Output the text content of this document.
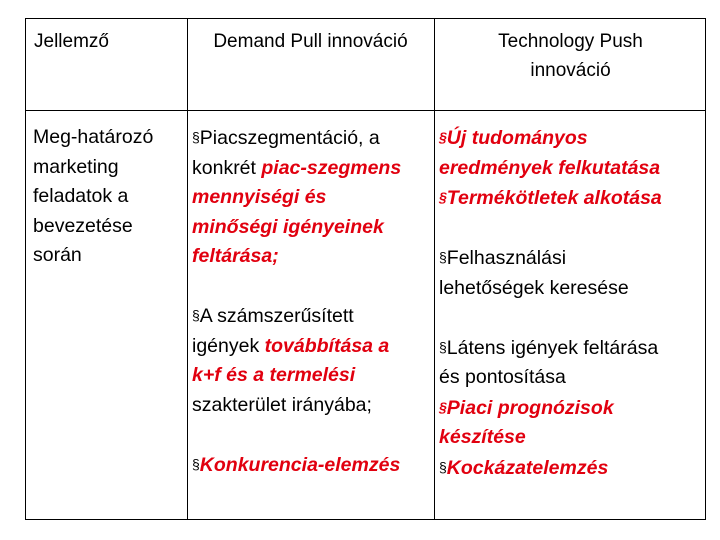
Jellemző	Demand Pull innováció	Technology Push
innováció
Meg-határozó
marketing
feladatok a
bevezetése
során
§Piacszegmentáció, a
konkrét piac-szegmens
mennyiségi és
minőségi igényeinek
feltárása;
§A számszerűsített
igények továbbítása a
k+f és a termelési
szakterület irányába;
§Konkurencia-elemzés
§Új tudományos
eredmények felkutatása
§Termékötletek alkotása
§Felhasználási
lehetőségek keresése
§Látens igények feltárása
és pontosítása
§Piaci prognózisok
készítése
§Kockázatelemzés
